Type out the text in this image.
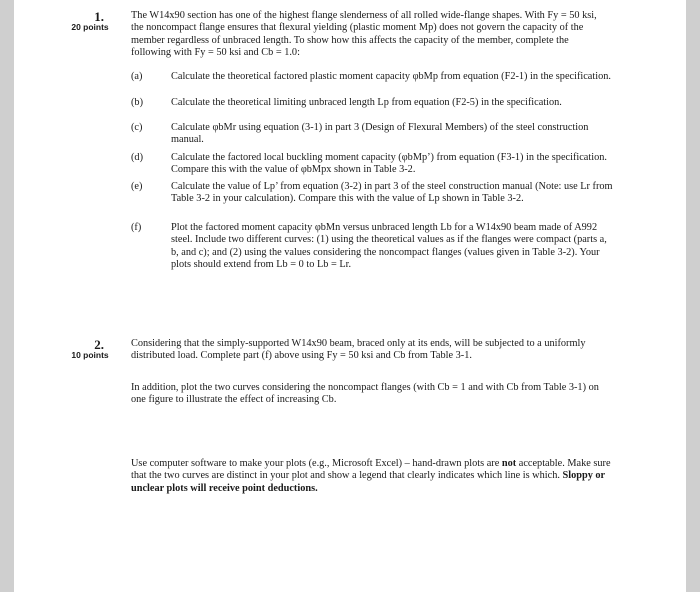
1.
20 points
The W14x90 section has one of the highest flange slenderness of all rolled wide-flange shapes. With Fy = 50 ksi, the noncompact flange ensures that flexural yielding (plastic moment Mp) does not govern the capacity of the member regardless of unbraced length. To show how this affects the capacity of the member, complete the following with Fy = 50 ksi and Cb = 1.0:
(a)	Calculate the theoretical factored plastic moment capacity φbMp from equation (F2-1) in the specification.
(b)	Calculate the theoretical limiting unbraced length Lp from equation (F2-5) in the specification.
(c)	Calculate φbMr using equation (3-1) in part 3 (Design of Flexural Members) of the steel construction manual.
(d)	Calculate the factored local buckling moment capacity (φbMp’) from equation (F3-1) in the specification. Compare this with the value of φbMpx shown in Table 3-2.
(e)	Calculate the value of Lp’ from equation (3-2) in part 3 of the steel construction manual (Note: use Lr from Table 3-2 in your calculation). Compare this with the value of Lp shown in Table 3-2.
(f)	Plot the factored moment capacity φbMn versus unbraced length Lb for a W14x90 beam made of A992 steel. Include two different curves: (1) using the theoretical values as if the flanges were compact (parts a, b, and c); and (2) using the values considering the noncompact flanges (values given in Table 3-2). Your plots should extend from Lb = 0 to Lb = Lr.
2.
10 points
Considering that the simply-supported W14x90 beam, braced only at its ends, will be subjected to a uniformly distributed load. Complete part (f) above using Fy = 50 ksi and Cb from Table 3-1.
In addition, plot the two curves considering the noncompact flanges (with Cb = 1 and with Cb from Table 3-1) on one figure to illustrate the effect of increasing Cb.
Use computer software to make your plots (e.g., Microsoft Excel) – hand-drawn plots are not acceptable. Make sure that the two curves are distinct in your plot and show a legend that clearly indicates which line is which. Sloppy or unclear plots will receive point deductions.
